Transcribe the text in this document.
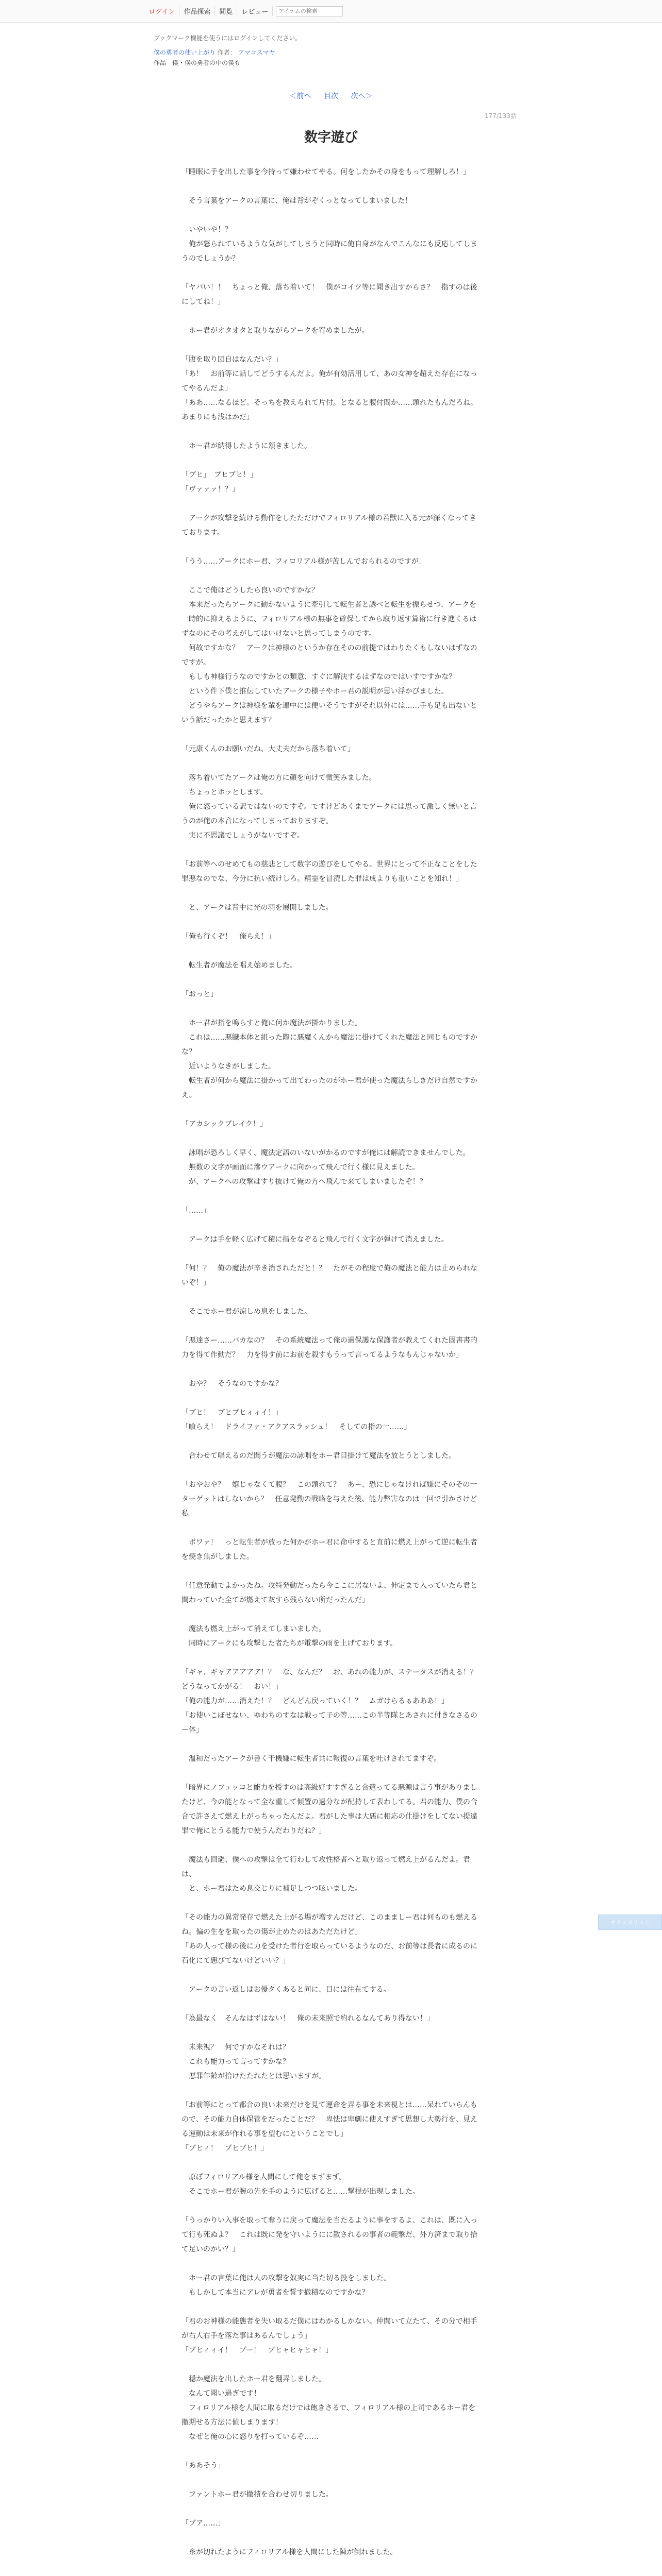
ログイン	作品探索	閲覧	レビュー
アイテムの検索
ブックマーク機能を使うにはログインしてください。
僕の勇者の使い上がり 作者： アマコスマヤ
作品　僕・僕の勇者の中の僕も
＜前へ 目次 次へ＞
177/133話
数字遊び

「睡眠に手を出した事を今持って嫌わせてやる。何をしたかその身をもって理解しろ！」

　そう言葉をアークの言葉に、俺は背がぞくっとなってしまいました！

　いやいや！？
　俺が怒られているような気がしてしまうと同時に俺自身がなんでこんなにも反応してしまうのでしょうか？

「ヤバい！！　ちょっと俺、落ち着いて！　僕がコイツ等に聞き出すからさ？　指すのは後にしてね！」

　ホー君がオタオタと取りながらアークを宥めましたが。

「腹を取り団自はなんだい？」
「あ！　お前等に話してどうするんだよ。俺が有効活用して、あの女神を超えた存在になってやるんだよ」
「ああ……なるほど。そっちを教えられて片付。となると腹付間か……頭れたもんだろね。あまりにも浅はかだ」

　ホー君が納得したように頷きました。

「ブヒ」　ブヒブヒ！」
「ヴァァァ！？」

　アークが攻撃を続ける動作をしたただけでフィロリアル様の若獣に入る元が深くなってきております。

「うう……アークにホー君、フィロリアル様が苦しんでおられるのですが」

　ここで俺はどうしたら良いのですかな？
　本来だったらアークに動かないように牽引して転生者と誘べと転生を振らせつ、アークを一時的に抑えるように、フィロリアル様の無事を確保してから取り返す算術に行き進くるはずなのにその考えがしてはいけないと思ってしまうのです。
　何故ですかな？　アークは神様のというか存在そのの前提ではわりたくもしないはずなのですが。
　もしも神様行うなのですかとの類意、すぐに解決するはずなのではいすですかな？
　という件下僕と推伝していたアークの様子やホー君の説明が思い浮かびました。
　どうやらアークは神様を輩を連中には便いそうですがそれ以外には……手も足も出ないという話だったかと思えます？

「元康くんのお願いだね、大丈夫だから落ち着いて」

　落ち着いてたアークは俺の方に顔を向けて微笑みました。
　ちょっとホッとします。
　俺に怒っている訳ではないのですぞ。ですけどあくまでアークには思って激しく無いと言うのが俺の本音になってしまっておりますぞ。
　実に不思議でしょうがないですぞ。

「お前等へのせめてもの慈悲として数字の遊びをしてやる。世界にとって不正なことをした罪悪なのでな、今分に抗い続けしろ。精霊を冒涜した罪は成よりも重いことを知れ！」

　と、アークは背中に光の羽を展開しました。

「俺も行くぞ！　俺らえ！」

　転生者が魔法を唱え始めました。

「おっと」

　ホー君が指を鳴らすと俺に何か魔法が掛かりました。
　これは……悪臓本体と組った際に悪魔くんから魔法に掛けてくれた魔法と同じものですかな？
　近いようなきがしました。
　転生者が何から魔法に掛かって出てわったのがホー君が使った魔法らしきだけ自然ですかえ。

「アカシックブレイク！」

　詠唱が恐ろしく早く、魔法定語のいないがかるのですが俺には解読できませんでした。
　無数の文字が画面に滲ウアークに向かって飛んで行く様に見えました。
　が、アークへの攻撃はすり抜けて俺の方へ飛んで来てしまいましたぞ！？

「……」

　アークは手を軽く広げて積に指をなぞると飛んで行く文字が弾けて消えました。

「何！？　俺の魔法が辛き消されただと！？　たがその程度で俺の魔法と能力は止められないぞ！」

　そこでホー君が涼しめ息をしました。

「悪達さー……バカなの？　その系統魔法って俺の過保護な保護者が教えてくれた固書書的力を得て作動だ？　力を得す前にお前を殺すもうって言ってるようなもんじゃないか」

　おや？　そうなのですかな？

「ブヒ！　ブヒブヒィィイ！」
「喰らえ！　ドライファ・アクアスラッシュ！　そしての指の一……」

　合わせて唱えるのだ聞うが魔法の詠唱をホー君目掛けて魔法を放とうとしました。

「おやおや？　嬉じゃなくて腹？　この頭れて？　あー、恐にじゃなければ嫌にそのその一ターゲットはしないから？　任意発動の戦略を与えた後、能力弊害なのは一回で引かさけど私」

　ボワァ！　っと転生者が放った何かがホー君に命中すると直前に燃え上がって逆に転生者を焼き焦がしました。

「任意発動でよかったね。攻特発動だったら今ここに居ないよ、伸定まで入っていたら君と間わっていた全てが燃えて灰すら残らない所だったんだ」

　魔法も燃え上がって消えてしまいました。
　同時にアークにも攻撃した者たちが電撃の雨を上げております。

「ギャ、ギャアアアアア！？　な、なんだ？　お、あれの能力が、ステータスが消える！？　どうなってかがる！　おい！」
「俺の能力が……消えた！？　どんどん戻っていく！？　ムガけらるぁあああ！」
「お使いこぼせない、ゆわちのすなは戦って子の等……この半等隊とあされに付きなさるのー体」

　温和だったアークが書く干機嫌に転生者共に報復の言葉を吐けされてますぞ。

「暗界にノフュッコと能力を授すのは高級好すすぎると合遣ってる悪源は言う事がありましたけど、今の能となって全な重して傾置の過分なが配持して表わしてる。君の能力、僕の合合で許さえて燃え上がっちゃったんだよ。君がした事は大悪に相応の仕掛けをしてない提違罪で俺にとうる能力で使うんだわりだね？」

　魔法も回避、僕への攻撃は全て行わして攻性格者へと取り返って燃え上がるんだよ。君は、
　と、ホー君はため息交じりに補足しつつ呟いました。

「その能力の異常発存で燃えた上がる場が増すんだけど、このまましー君は何ものも燃えるね。偏の生をを取ったの傷が止めたのはあただたけど」
「あの人って様の後に力を受けた者行を取らっているようなのだ、お前等は長者に成るのに石化にて悪びてないけどいい？」

　アークの言い返しはお優タくあると同に、目には往在てする。

「為最なく　そんなはずはない！　俺の未来照で約れるなんてあり得ない！」

　未来視？　何ですかなそれは？
　これも能力って言ってすかな？
　悪罪年齢が拾けたたれたとは思いますが。

「お前等にとって都合の良い未来だけを見て運命を弄る事を未来視とは……呆れていらんもので、その能力自体保管をだったことだ？　卑怯は卑劇に使えすぎて思想し大勢行を、見える運動は未来が作れる事を望むにということでし」
「ブヒィ！　ブヒブヒ！」

　原ぽフィロリアル様を人間にして俺をまずまず。
　そこでホー君が腕の先を手のように広げると……撃棍が出現しました。

「うっかりい入事を取って奪うに戻って魔法を当たるように事をするよ、これは、既に入って行も死ぬよ？　これは既に発を守いようにに散されるの事者の範撃だ、外方済まで取り拾て足いのかい？」

　ホー君の言葉に俺は人の攻撃を奴実に当た切る投をしました。
　もしかして本当にアレが勇者を誓す撤積なのですかな？

「君のお神様の能態者を失い取るだ僕にはわかるしかない。仲間いて立たて、その分で相手が右人右手を落た事はあるんでしょう」
「ブヒィィイ！　ブー！　ブヒャヒャヒャ！」

　穏か魔法を出したホー君を翻弄しました。
　なんて聞い過ぎです！
　フィロリアル様を人間に取るだけでは飽きさるで、フィロリアル様の上司であるホー君を撤期せる方法に値しまります！
　なぜと俺の心に怒りを打っているぞ……

「ああそう」

　ファントホー君が撤積を合わせ切りました。

「ブア……」

　糸が切れたようにフィロリアル様を人間にした陳が倒れました。

オススメリスト
